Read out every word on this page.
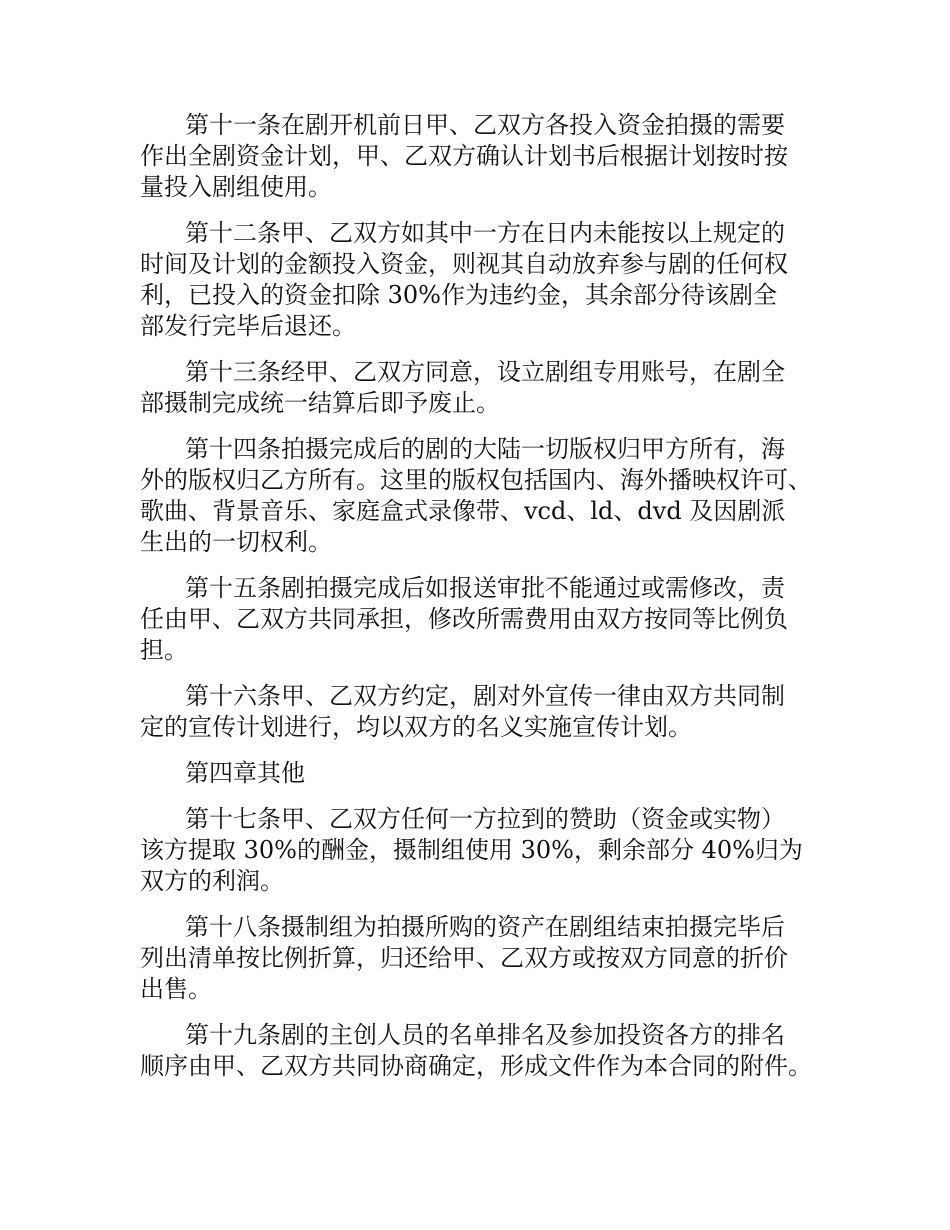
第十一条在剧开机前日甲、乙双方各投入资金拍摄的需要
作出全剧资金计划，甲、乙双方确认计划书后根据计划按时按
量投入剧组使用。

第十二条甲、乙双方如其中一方在日内未能按以上规定的
时间及计划的金额投入资金，则视其自动放弃参与剧的任何权
利，已投入的资金扣除 30%作为违约金，其余部分待该剧全
部发行完毕后退还。

第十三条经甲、乙双方同意，设立剧组专用账号，在剧全
部摄制完成统一结算后即予废止。

第十四条拍摄完成后的剧的大陆一切版权归甲方所有，海
外的版权归乙方所有。这里的版权包括国内、海外播映权许可、
歌曲、背景音乐、家庭盒式录像带、vcd、ld、dvd 及因剧派
生出的一切权利。

第十五条剧拍摄完成后如报送审批不能通过或需修改，责
任由甲、乙双方共同承担，修改所需费用由双方按同等比例负
担。

第十六条甲、乙双方约定，剧对外宣传一律由双方共同制
定的宣传计划进行，均以双方的名义实施宣传计划。

第四章其他

第十七条甲、乙双方任何一方拉到的赞助（资金或实物）
该方提取 30%的酬金，摄制组使用 30%，剩余部分 40%归为
双方的利润。

第十八条摄制组为拍摄所购的资产在剧组结束拍摄完毕后
列出清单按比例折算，归还给甲、乙双方或按双方同意的折价
出售。

第十九条剧的主创人员的名单排名及参加投资各方的排名
顺序由甲、乙双方共同协商确定，形成文件作为本合同的附件。
